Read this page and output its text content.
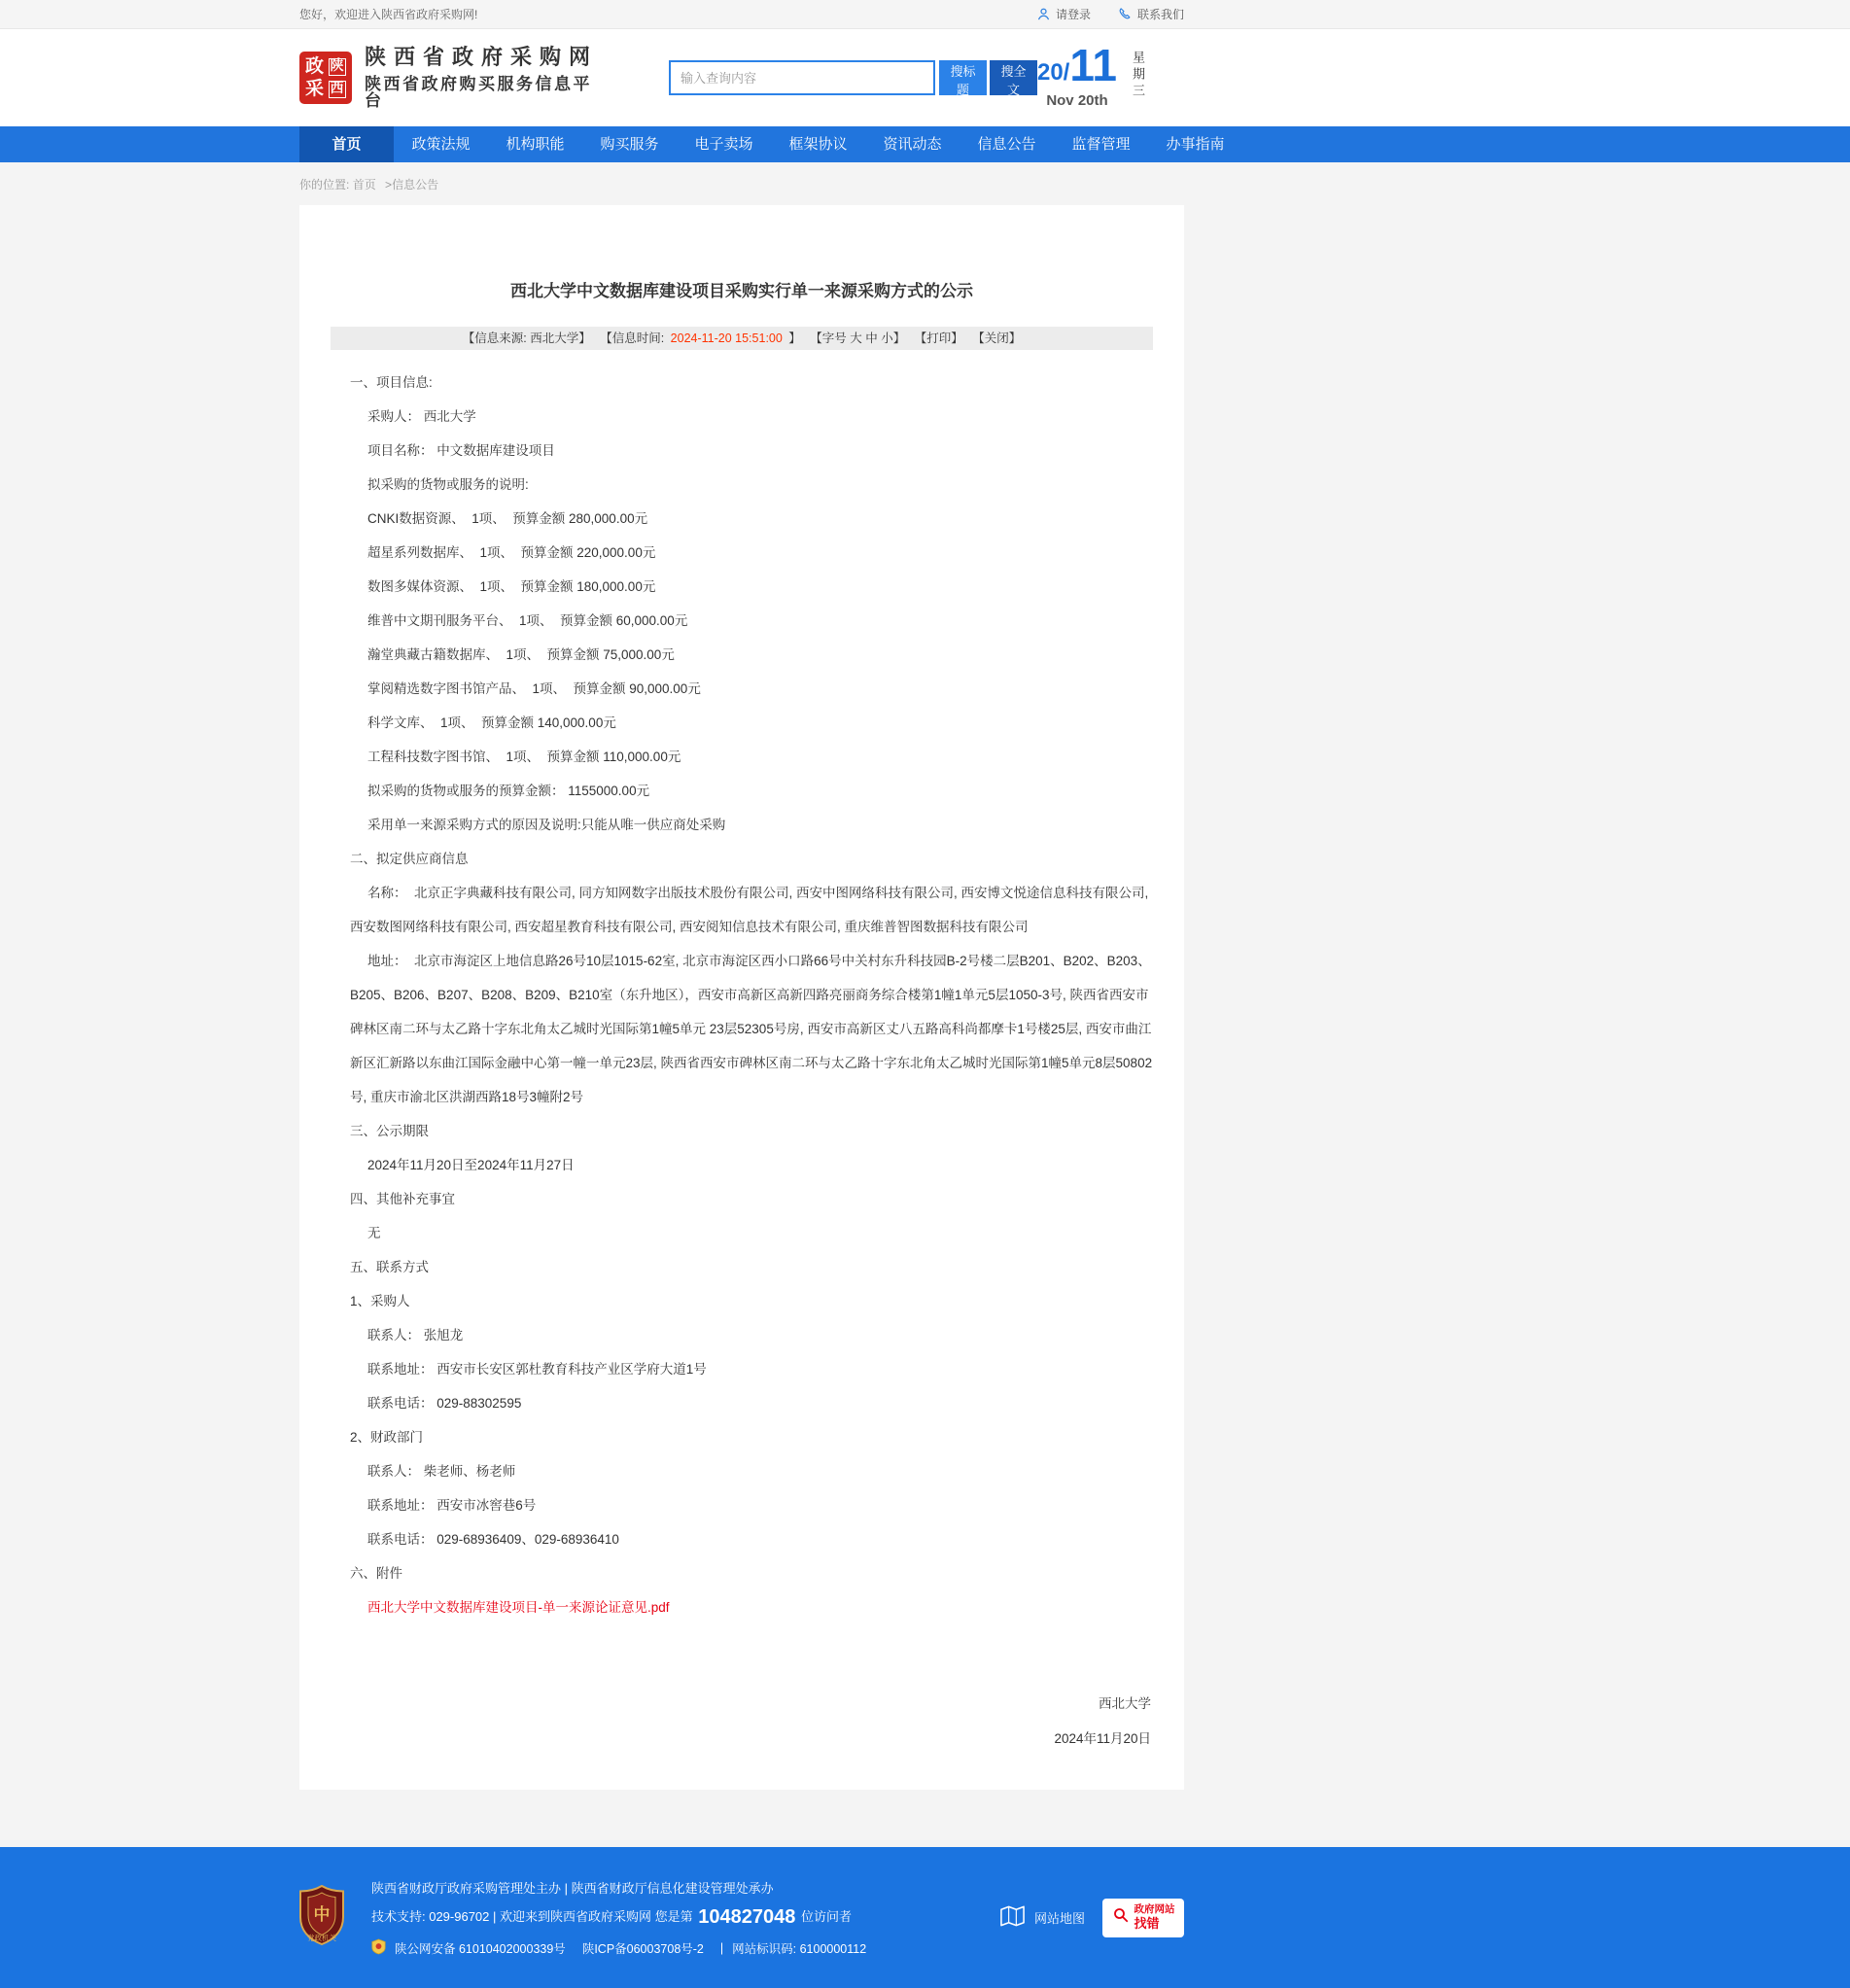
您好，欢迎进入陕西省政府采购网!	请登录	联系我们
政 陕
采 西
陕西省政府采购网
陕西省政府购买服务信息平台
输入查询内容
搜标题
搜全文
20/ 11
Nov 20th	星期三
首页	政策法规	机构职能	购买服务	电子卖场	框架协议	资讯动态	信息公告	监督管理	办事指南
你的位置: 首页 >信息公告
西北大学中文数据库建设项目采购实行单一来源采购方式的公示
【信息来源: 西北大学】 【信息时间: 2024-11-20 15:51:00 】 【字号 大 中 小】 【打印】 【关闭】

一、项目信息:

采购人： 西北大学

项目名称： 中文数据库建设项目

拟采购的货物或服务的说明:

CNKI数据资源、  1项、  预算金额 280,000.00元

超星系列数据库、  1项、  预算金额 220,000.00元

数图多媒体资源、  1项、  预算金额 180,000.00元

维普中文期刊服务平台、  1项、  预算金额 60,000.00元

瀚堂典藏古籍数据库、  1项、  预算金额 75,000.00元

掌阅精选数字图书馆产品、  1项、  预算金额 90,000.00元

科学文库、  1项、  预算金额 140,000.00元

工程科技数字图书馆、  1项、  预算金额 110,000.00元

拟采购的货物或服务的预算金额： 1155000.00元

采用单一来源采购方式的原因及说明:只能从唯一供应商处采购

二、拟定供应商信息

名称：  北京正字典藏科技有限公司, 同方知网数字出版技术股份有限公司, 西安中图网络科技有限公司, 西安博文悦途信息科技有限公司, 西安数图网络科技有限公司, 西安超星教育科技有限公司, 西安阅知信息技术有限公司, 重庆维普智图数据科技有限公司

地址：  北京市海淀区上地信息路26号10层1015-62室, 北京市海淀区西小口路66号中关村东升科技园B-2号楼二层B201、B202、B203、B205、B206、B207、B208、B209、B210室（东升地区），西安市高新区高新四路亮丽商务综合楼第1幢1单元5层1050-3号, 陕西省西安市碑林区南二环与太乙路十字东北角太乙城时光国际第1幢5单元 23层52305号房, 西安市高新区丈八五路高科尚都摩卡1号楼25层, 西安市曲江新区汇新路以东曲江国际金融中心第一幢一单元23层, 陕西省西安市碑林区南二环与太乙路十字东北角太乙城时光国际第1幢5单元8层50802号, 重庆市渝北区洪湖西路18号3幢附2号

三、公示期限

2024年11月20日至2024年11月27日

四、其他补充事宜

无

五、联系方式

1、采购人

联系人： 张旭龙

联系地址： 西安市长安区郭杜教育科技产业区学府大道1号

联系电话： 029-88302595

2、财政部门

联系人： 柴老师、杨老师

联系地址： 西安市冰窖巷6号

联系电话： 029-68936409、029-68936410

六、附件

西北大学中文数据库建设项目-单一来源论证意见.pdf

西北大学
2024年11月20日
中
党政机关
陕西省财政厅政府采购管理处主办 | 陕西省财政厅信息化建设管理处承办
技术支持: 029-96702 | 欢迎来到陕西省政府采购网 您是第 104827048 位访问者
陕公网安备 61010402000339号 陕ICP备06003708号-2 | 网站标识码: 6100000112
网站地图
政府网站
找错
